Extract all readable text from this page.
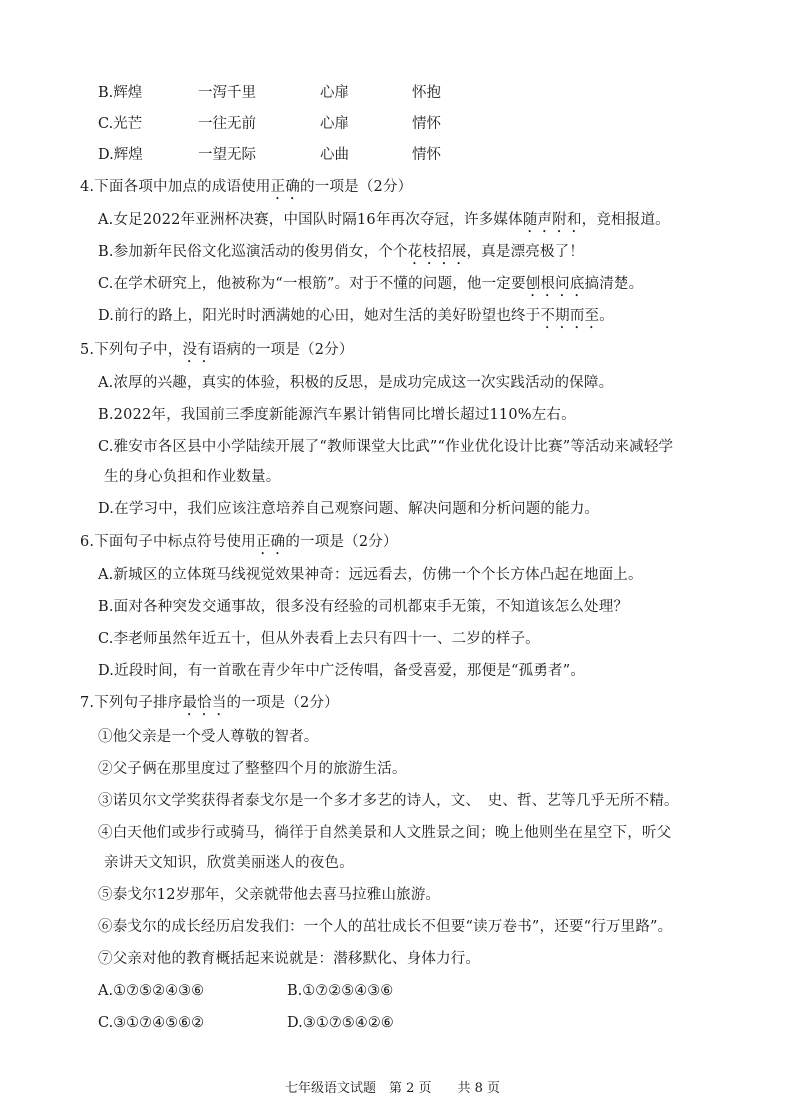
B.辉煌	一泻千里	心扉	怀抱
C.光芒	一往无前	心扉	情怀
D.辉煌	一望无际	心曲	情怀
4.下面各项中加点的成语使用正确的一项是（2分）
A.女足2022年亚洲杯决赛，中国队时隔16年再次夺冠，许多媒体随声附和，竞相报道。
B.参加新年民俗文化巡演活动的俊男俏女，个个花枝招展，真是漂亮极了！
C.在学术研究上，他被称为“一根筋”。对于不懂的问题，他一定要刨根问底搞清楚。
D.前行的路上，阳光时时洒满她的心田，她对生活的美好盼望也终于不期而至。
5.下列句子中，没有语病的一项是（2分）
A.浓厚的兴趣，真实的体验，积极的反思，是成功完成这一次实践活动的保障。
B.2022年，我国前三季度新能源汽车累计销售同比增长超过110%左右。
C.雅安市各区县中小学陆续开展了“教师课堂大比武”“作业优化设计比赛”等活动来减轻学
生的身心负担和作业数量。
D.在学习中，我们应该注意培养自己观察问题、解决问题和分析问题的能力。
6.下面句子中标点符号使用正确的一项是（2分）
A.新城区的立体斑马线视觉效果神奇：远远看去，仿佛一个个长方体凸起在地面上。
B.面对各种突发交通事故，很多没有经验的司机都束手无策，不知道该怎么处理？
C.李老师虽然年近五十，但从外表看上去只有四十一、二岁的样子。
D.近段时间，有一首歌在青少年中广泛传唱，备受喜爱，那便是“孤勇者”。
7.下列句子排序最恰当的一项是（2分）
①他父亲是一个受人尊敬的智者。
②父子俩在那里度过了整整四个月的旅游生活。
③诺贝尔文学奖获得者泰戈尔是一个多才多艺的诗人，文、　史、哲、艺等几乎无所不精。
④白天他们或步行或骑马，徜徉于自然美景和人文胜景之间；晚上他则坐在星空下，听父
亲讲天文知识，欣赏美丽迷人的夜色。
⑤泰戈尔12岁那年，父亲就带他去喜马拉雅山旅游。
⑥泰戈尔的成长经历启发我们：一个人的茁壮成长不但要“读万卷书”，还要“行万里路”。
⑦父亲对他的教育概括起来说就是：潜移默化、身体力行。
A.①⑦⑤②④③⑥	B.①⑦②⑤④③⑥
C.③①⑦④⑤⑥②	D.③①⑦⑤④②⑥
七年级语文试题　第 2 页　　共 8 页
